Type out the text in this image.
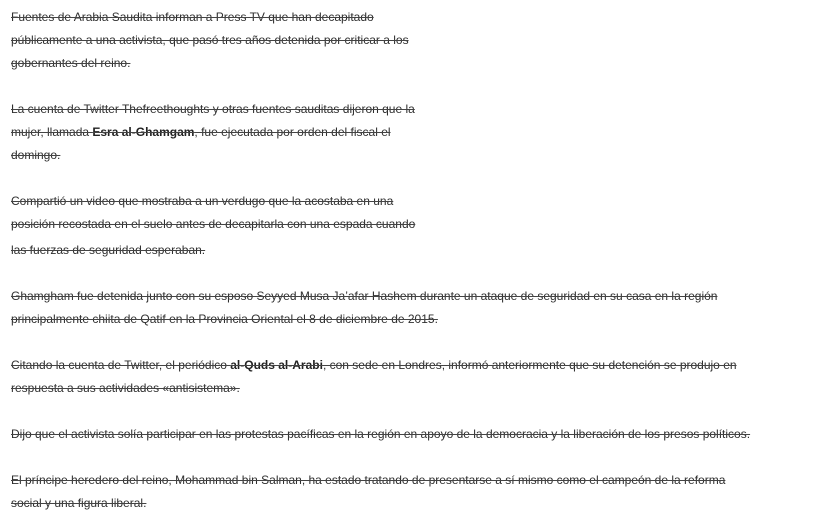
Fuentes de Arabia Saudita informan a Press TV que han decapitado
públicamente a una activista, que pasó tres años detenida por criticar a los
gobernantes del reino.

La cuenta de Twitter Thefreethoughts y otras fuentes sauditas dijeron que la
mujer, llamada Esra al-Ghamgam, fue ejecutada por orden del fiscal el
domingo.

Compartió un video que mostraba a un verdugo que la acostaba en una
posición recostada en el suelo antes de decapitarla con una espada cuando
las fuerzas de seguridad esperaban.

Ghamgham fue detenida junto con su esposo Seyyed Musa Ja’afar Hashem durante un ataque de seguridad en su casa en la región
principalmente chiita de Qatif en la Provincia Oriental el 8 de diciembre de 2015.

Citando la cuenta de Twitter, el periódico al-Quds al-Arabi, con sede en Londres, informó anteriormente que su detención se produjo en
respuesta a sus actividades «antisistema».

Dijo que el activista solía participar en las protestas pacíficas en la región en apoyo de la democracia y la liberación de los presos políticos.

El príncipe heredero del reino, Mohammad bin Salman, ha estado tratando de presentarse a sí mismo como el campeón de la reforma
social y una figura liberal.
